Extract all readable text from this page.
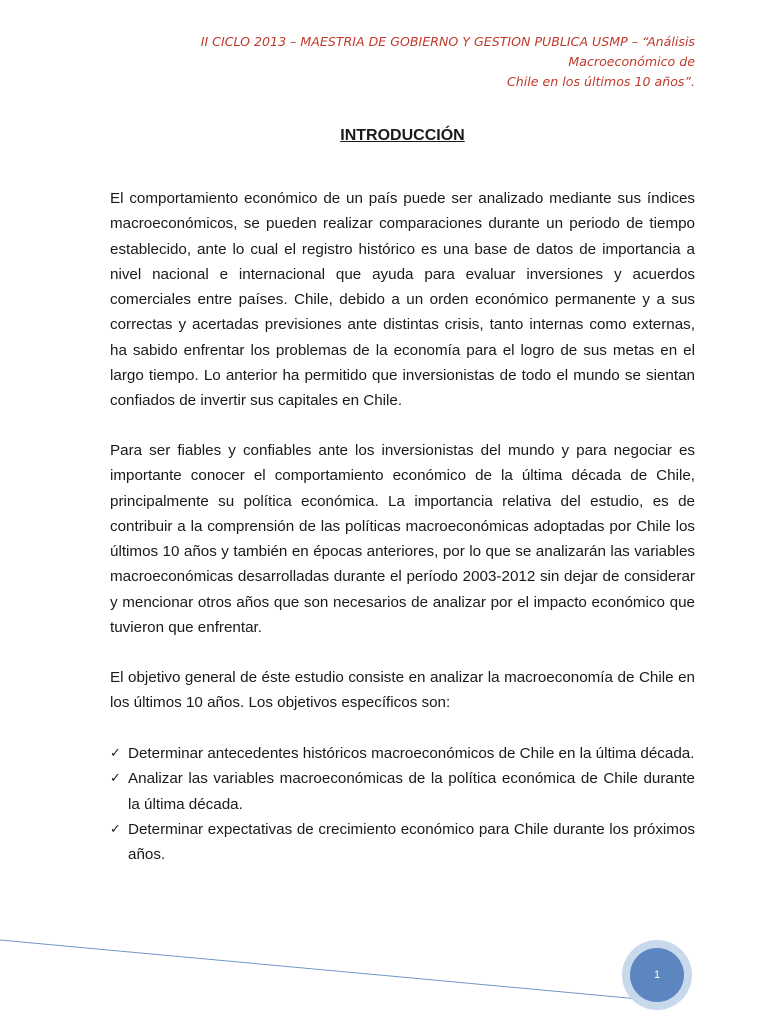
II CICLO 2013 – MAESTRIA DE GOBIERNO Y GESTION PUBLICA USMP – “Análisis Macroeconómico de
Chile en los últimos 10 años”.
INTRODUCCIÓN

El comportamiento económico de un país puede ser analizado mediante sus índices macroeconómicos, se pueden realizar comparaciones durante un periodo de tiempo establecido, ante lo cual el registro histórico es una base de datos de importancia a nivel nacional e internacional que ayuda para evaluar inversiones y acuerdos comerciales entre países. Chile, debido a un orden económico permanente y a sus correctas y acertadas previsiones ante distintas crisis, tanto internas como externas, ha sabido enfrentar los problemas de la economía para el logro de sus metas en el largo tiempo. Lo anterior ha permitido que inversionistas de todo el mundo se sientan confiados de invertir sus capitales en Chile.

Para ser fiables y confiables ante los inversionistas del mundo y para negociar es importante conocer el comportamiento económico de la última década de Chile, principalmente su política económica. La importancia relativa del estudio, es de contribuir a la comprensión de las políticas macroeconómicas adoptadas por Chile los últimos 10 años y también en épocas anteriores, por lo que se analizarán las variables macroeconómicas desarrolladas durante el período 2003-2012 sin dejar de considerar y mencionar otros años que son necesarios de analizar por el impacto económico que tuvieron que enfrentar.

El objetivo general de éste estudio consiste en analizar la macroeconomía de Chile en los últimos 10 años. Los objetivos específicos son:

✓ Determinar antecedentes históricos macroeconómicos de Chile en la última década.
✓ Analizar las variables macroeconómicas de la política económica de Chile durante la última década.
✓ Determinar expectativas de crecimiento económico para Chile durante los próximos años.
1
